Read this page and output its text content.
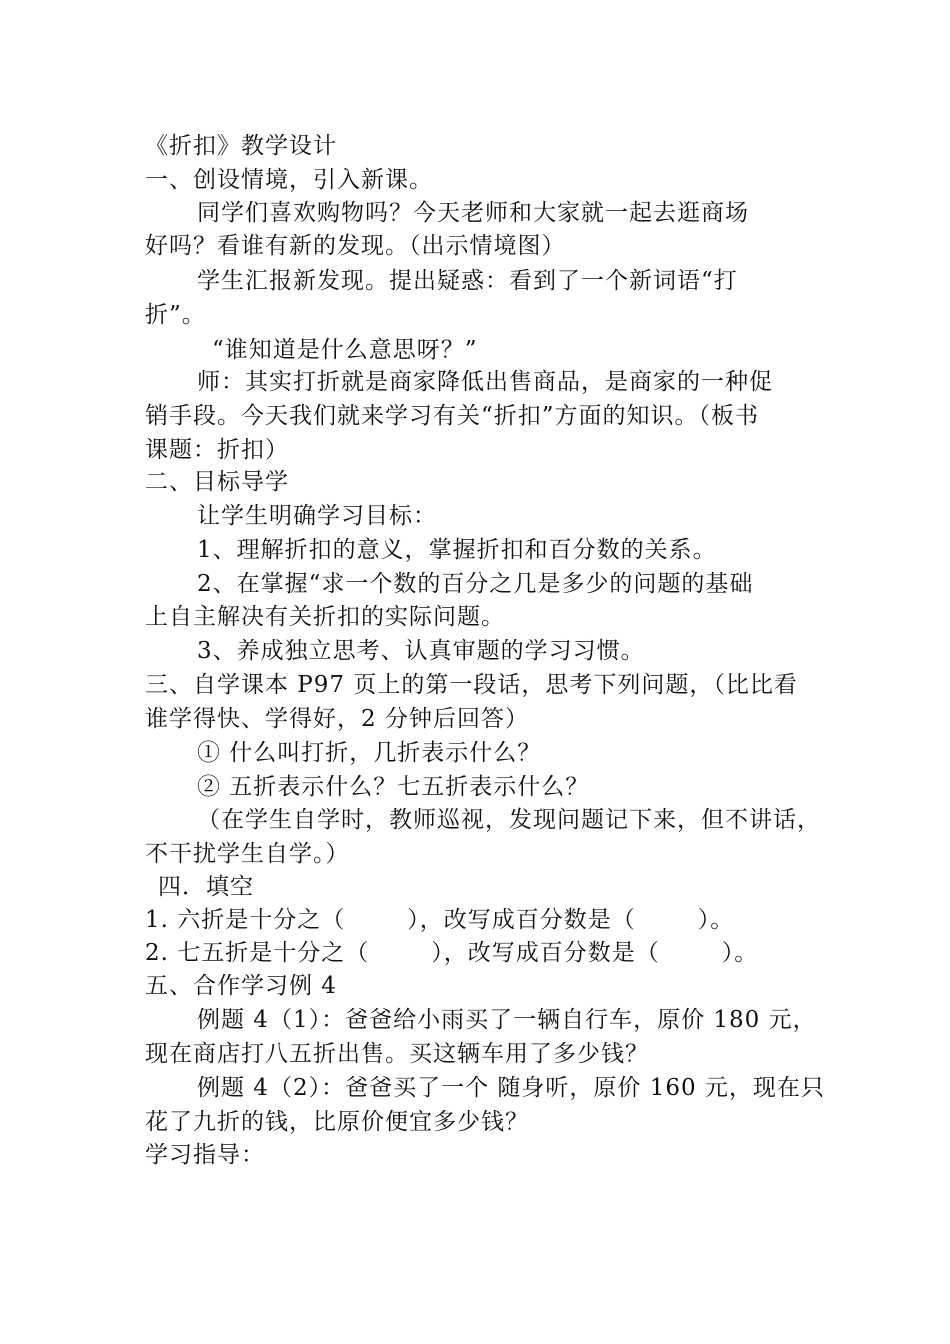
《折扣》教学设计
一、创设情境，引入新课。
同学们喜欢购物吗？今天老师和大家就一起去逛商场
好吗？看谁有新的发现。（出示情境图）
学生汇报新发现。提出疑惑：看到了一个新词语“打
折”。
“谁知道是什么意思呀？”
师：其实打折就是商家降低出售商品，是商家的一种促
销手段。今天我们就来学习有关“折扣”方面的知识。（板书
课题：折扣）
二、目标导学
让学生明确学习目标：
1、理解折扣的意义，掌握折扣和百分数的关系。
2、在掌握“求一个数的百分之几是多少的问题的基础
上自主解决有关折扣的实际问题。
3、养成独立思考、认真审题的学习习惯。
三、自学课本 P97 页上的第一段话，思考下列问题，（比比看
谁学得快、学得好，2 分钟后回答）
① 什么叫打折，几折表示什么？
② 五折表示什么？七五折表示什么？
（在学生自学时，教师巡视，发现问题记下来，但不讲话，
不干扰学生自学。）
四．填空
1. 六折是十分之（	），改写成百分数是（	）。
2. 七五折是十分之（	），改写成百分数是（	）。
五、合作学习例 4
例题 4（1）：爸爸给小雨买了一辆自行车，原价 180 元，
现在商店打八五折出售。买这辆车用了多少钱？
例题 4（2）：爸爸买了一个 随身听，原价 160 元，现在只
花了九折的钱，比原价便宜多少钱？
学习指导：
